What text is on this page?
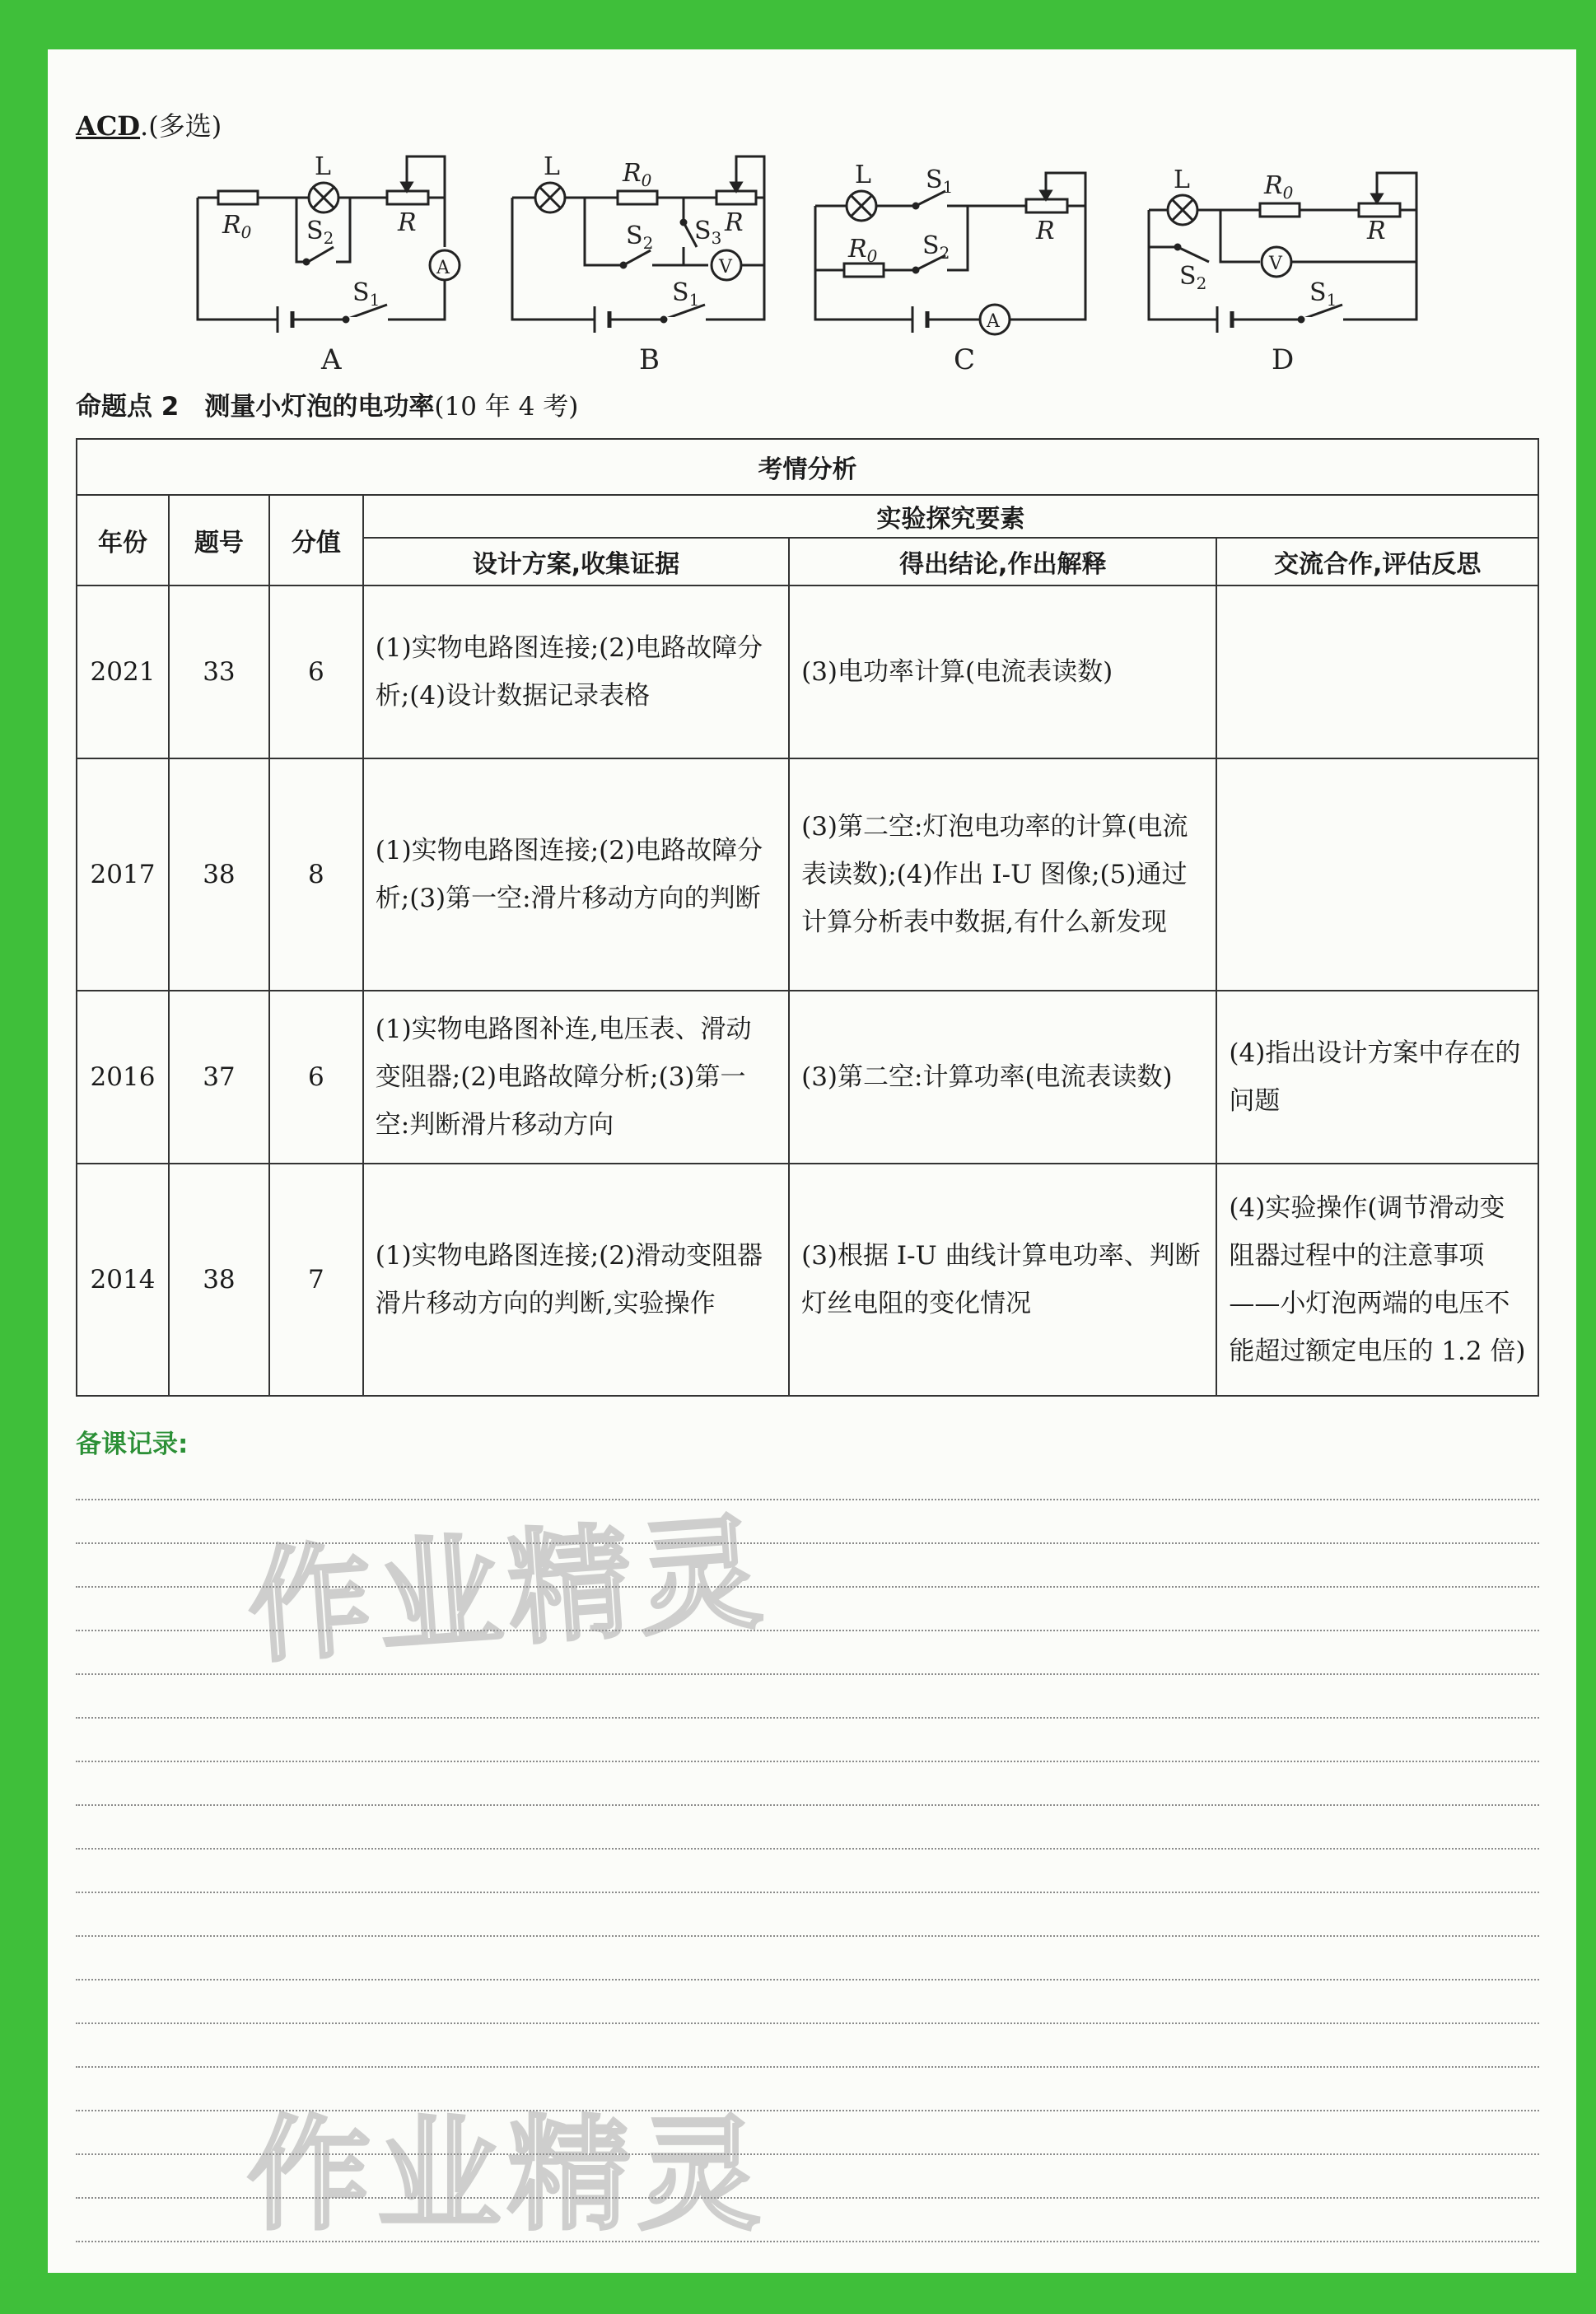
ACD.(多选)
L
$R_0$	R
$S_2$
A
$S_1$
A
L	$R_0$
R
$S_2$ $S_3$
V
$S_1$
B
L $S_1$
R
$R_0$ $S_2$
A
C
L	$R_0$
R
$S_2$
V
$S_1$
D
命题点 2　测量小灯泡的电功率(10 年 4 考)
考情分析					
年份	题号	分值	实验探究要素		
			设计方案,收集证据	得出结论,作出解释	交流合作,评估反思
2021	33	6	(1)实物电路图连接;(2)电路故障分析;(4)设计数据记录表格	(3)电功率计算(电流表读数)	
2017	38	8	(1)实物电路图连接;(2)电路故障分析;(3)第一空:滑片移动方向的判断	(3)第二空:灯泡电功率的计算(电流表读数);(4)作出 I-U 图像;(5)通过计算分析表中数据,有什么新发现	
2016	37	6	(1)实物电路图补连,电压表、滑动变阻器;(2)电路故障分析;(3)第一空:判断滑片移动方向	(3)第二空:计算功率(电流表读数)	(4)指出设计方案中存在的问题
2014	38	7	(1)实物电路图连接;(2)滑动变阻器滑片移动方向的判断,实验操作	(3)根据 I-U 曲线计算电功率、判断灯丝电阻的变化情况	(4)实验操作(调节滑动变阻器过程中的注意事项——小灯泡两端的电压不能超过额定电压的 1.2 倍)
备课记录:
作业精灵
作业精灵
